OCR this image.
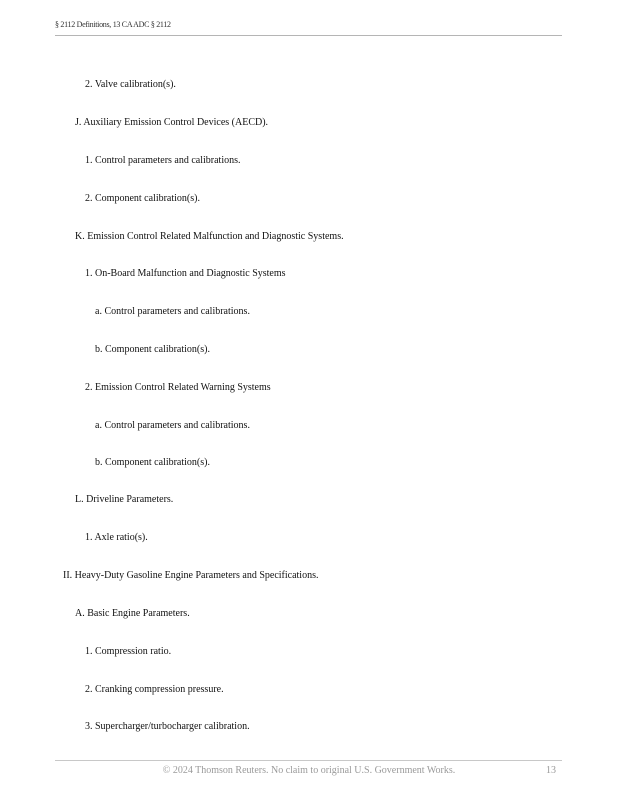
§ 2112 Definitions, 13 CA ADC § 2112
2. Valve calibration(s).
J. Auxiliary Emission Control Devices (AECD).
1. Control parameters and calibrations.
2. Component calibration(s).
K. Emission Control Related Malfunction and Diagnostic Systems.
1. On-Board Malfunction and Diagnostic Systems
a. Control parameters and calibrations.
b. Component calibration(s).
2. Emission Control Related Warning Systems
a. Control parameters and calibrations.
b. Component calibration(s).
L. Driveline Parameters.
1. Axle ratio(s).
II. Heavy-Duty Gasoline Engine Parameters and Specifications.
A. Basic Engine Parameters.
1. Compression ratio.
2. Cranking compression pressure.
3. Supercharger/turbocharger calibration.
© 2024 Thomson Reuters. No claim to original U.S. Government Works.	13
